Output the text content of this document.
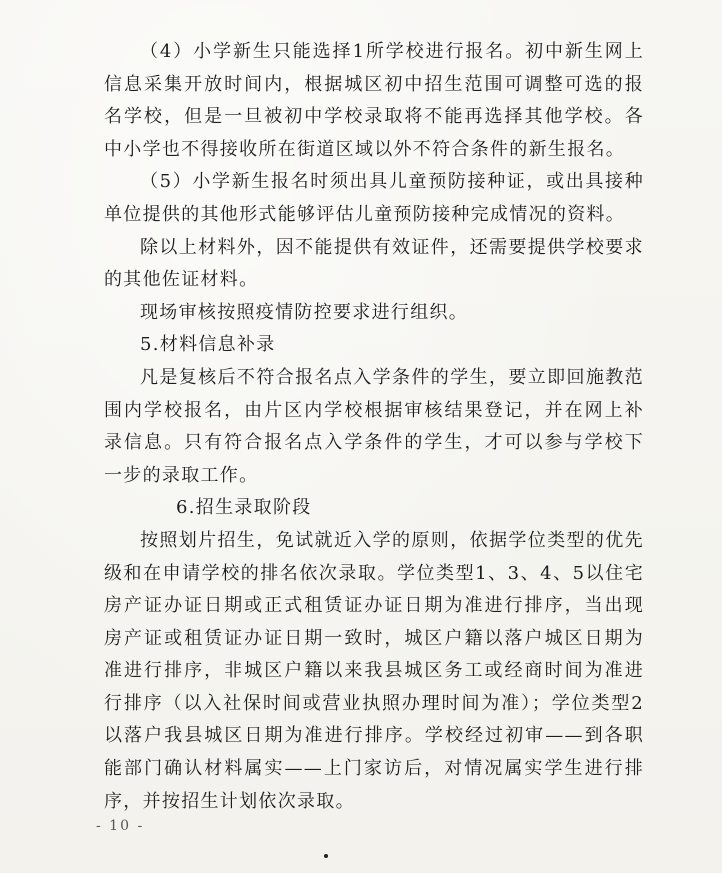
（4）小学新生只能选择1所学校进行报名。初中新生网上信息采集开放时间内，根据城区初中招生范围可调整可选的报名学校，但是一旦被初中学校录取将不能再选择其他学校。各中小学也不得接收所在街道区域以外不符合条件的新生报名。

（5）小学新生报名时须出具儿童预防接种证，或出具接种单位提供的其他形式能够评估儿童预防接种完成情况的资料。

除以上材料外，因不能提供有效证件，还需要提供学校要求的其他佐证材料。

现场审核按照疫情防控要求进行组织。

5.材料信息补录

凡是复核后不符合报名点入学条件的学生，要立即回施教范围内学校报名，由片区内学校根据审核结果登记，并在网上补录信息。只有符合报名点入学条件的学生，才可以参与学校下一步的录取工作。

6.招生录取阶段

按照划片招生，免试就近入学的原则，依据学位类型的优先级和在申请学校的排名依次录取。学位类型1、3、4、5以住宅房产证办证日期或正式租赁证办证日期为准进行排序，当出现房产证或租赁证办证日期一致时，城区户籍以落户城区日期为准进行排序，非城区户籍以来我县城区务工或经商时间为准进行排序（以入社保时间或营业执照办理时间为准）；学位类型2以落户我县城区日期为准进行排序。学校经过初审——到各职能部门确认材料属实——上门家访后，对情况属实学生进行排序，并按招生计划依次录取。

- 10 -
